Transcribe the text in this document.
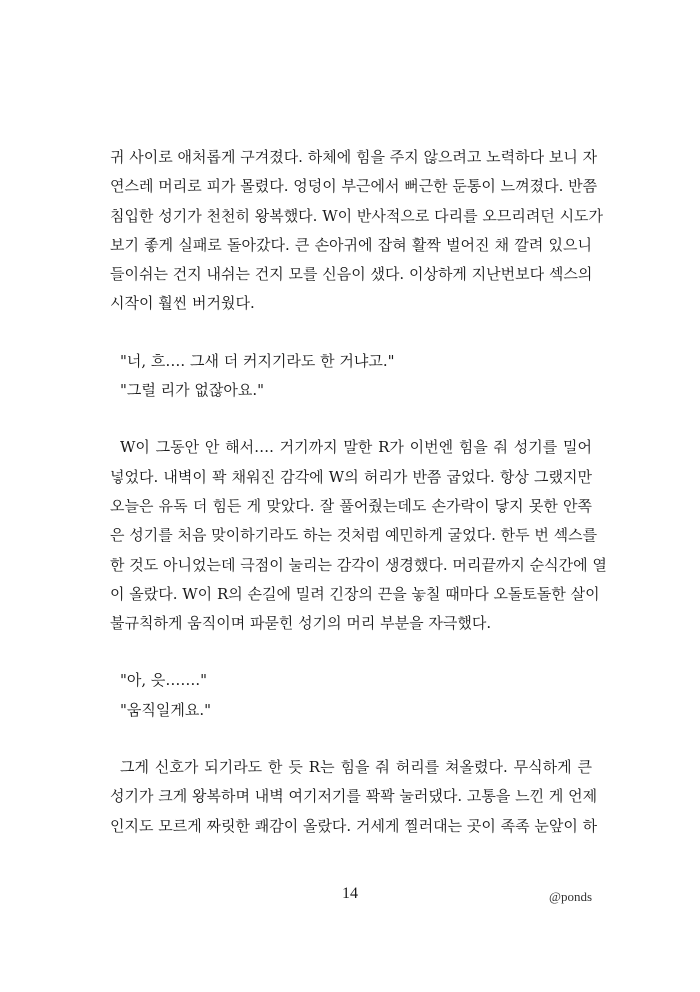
귀 사이로 애처롭게 구겨졌다. 하체에 힘을 주지 않으려고 노력하다 보니 자
연스레 머리로 피가 몰렸다. 엉덩이 부근에서 뻐근한 둔통이 느껴졌다. 반쯤
침입한 성기가 천천히 왕복했다. W이 반사적으로 다리를 오므리려던 시도가
보기 좋게 실패로 돌아갔다. 큰 손아귀에 잡혀 활짝 벌어진 채 깔려 있으니
들이쉬는 건지 내쉬는 건지 모를 신음이 샜다. 이상하게 지난번보다 섹스의
시작이 훨씬 버거웠다.

"너, 흐…. 그새 더 커지기라도 한 거냐고."

"그럴 리가 없잖아요."

W이 그동안 안 해서…. 거기까지 말한 R가 이번엔 힘을 줘 성기를 밀어
넣었다. 내벽이 꽉 채워진 감각에 W의 허리가 반쯤 굽었다. 항상 그랬지만
오늘은 유독 더 힘든 게 맞았다. 잘 풀어줬는데도 손가락이 닿지 못한 안쪽
은 성기를 처음 맞이하기라도 하는 것처럼 예민하게 굴었다. 한두 번 섹스를
한 것도 아니었는데 극점이 눌리는 감각이 생경했다. 머리끝까지 순식간에 열
이 올랐다. W이 R의 손길에 밀려 긴장의 끈을 놓칠 때마다 오돌토돌한 살이
불규칙하게 움직이며 파묻힌 성기의 머리 부분을 자극했다.

"아, 읏……."

"움직일게요."

그게 신호가 되기라도 한 듯 R는 힘을 줘 허리를 쳐올렸다. 무식하게 큰
성기가 크게 왕복하며 내벽 여기저기를 꽉꽉 눌러댔다. 고통을 느낀 게 언제
인지도 모르게 짜릿한 쾌감이 올랐다. 거세게 찔러대는 곳이 족족 눈앞이 하

14	@ponds
